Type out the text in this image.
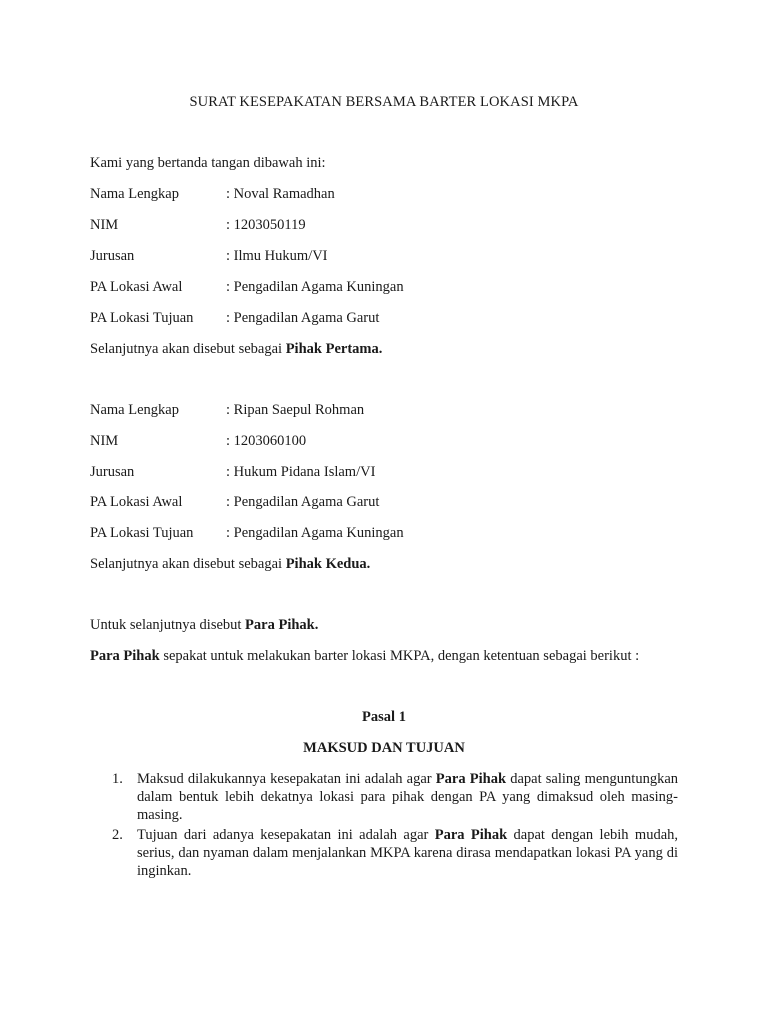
SURAT KESEPAKATAN BERSAMA BARTER LOKASI MKPA
Kami yang bertanda tangan dibawah ini:
Nama Lengkap	: Noval Ramadhan
NIM	: 1203050119
Jurusan	: Ilmu Hukum/VI
PA Lokasi Awal	: Pengadilan Agama Kuningan
PA Lokasi Tujuan : Pengadilan Agama Garut
Selanjutnya akan disebut sebagai Pihak Pertama.
Nama Lengkap	: Ripan Saepul Rohman
NIM	: 1203060100
Jurusan	: Hukum Pidana Islam/VI
PA Lokasi Awal	: Pengadilan Agama Garut
PA Lokasi Tujuan : Pengadilan Agama Kuningan
Selanjutnya akan disebut sebagai Pihak Kedua.
Untuk selanjutnya disebut Para Pihak.
Para Pihak sepakat untuk melakukan barter lokasi MKPA, dengan ketentuan sebagai berikut :
Pasal 1
MAKSUD DAN TUJUAN
1. Maksud dilakukannya kesepakatan ini adalah agar Para Pihak dapat saling menguntungkan dalam bentuk lebih dekatnya lokasi para pihak dengan PA yang dimaksud oleh masing-masing.
2. Tujuan dari adanya kesepakatan ini adalah agar Para Pihak dapat dengan lebih mudah, serius, dan nyaman dalam menjalankan MKPA karena dirasa mendapatkan lokasi PA yang di inginkan.
